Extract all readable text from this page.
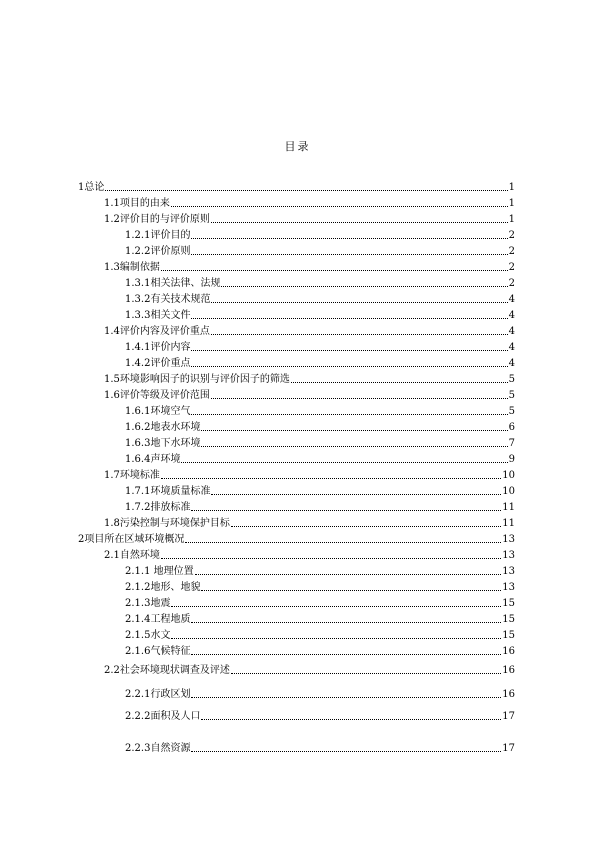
目录
1总论	1
1.1项目的由来	1
1.2评价目的与评价原则	1
1.2.1评价目的	2
1.2.2评价原则	2
1.3编制依据	2
1.3.1相关法律、法规	2
1.3.2有关技术规范	4
1.3.3相关文件	4
1.4评价内容及评价重点	4
1.4.1评价内容	4
1.4.2评价重点	4
1.5环境影响因子的识别与评价因子的筛选	5
1.6评价等级及评价范围	5
1.6.1环境空气	5
1.6.2地表水环境	6
1.6.3地下水环境	7
1.6.4声环境	9
1.7环境标准	10
1.7.1环境质量标准	10
1.7.2排放标准	11
1.8污染控制与环境保护目标	11
2项目所在区域环境概况	13
2.1自然环境	13
2.1.1 地理位置	13
2.1.2地形、地貌	13
2.1.3地震	15
2.1.4工程地质	15
2.1.5水文	15
2.1.6气候特征	16
2.2社会环境现状调查及评述	16
2.2.1行政区划	16
2.2.2面积及人口	17
2.2.3自然资源	17
